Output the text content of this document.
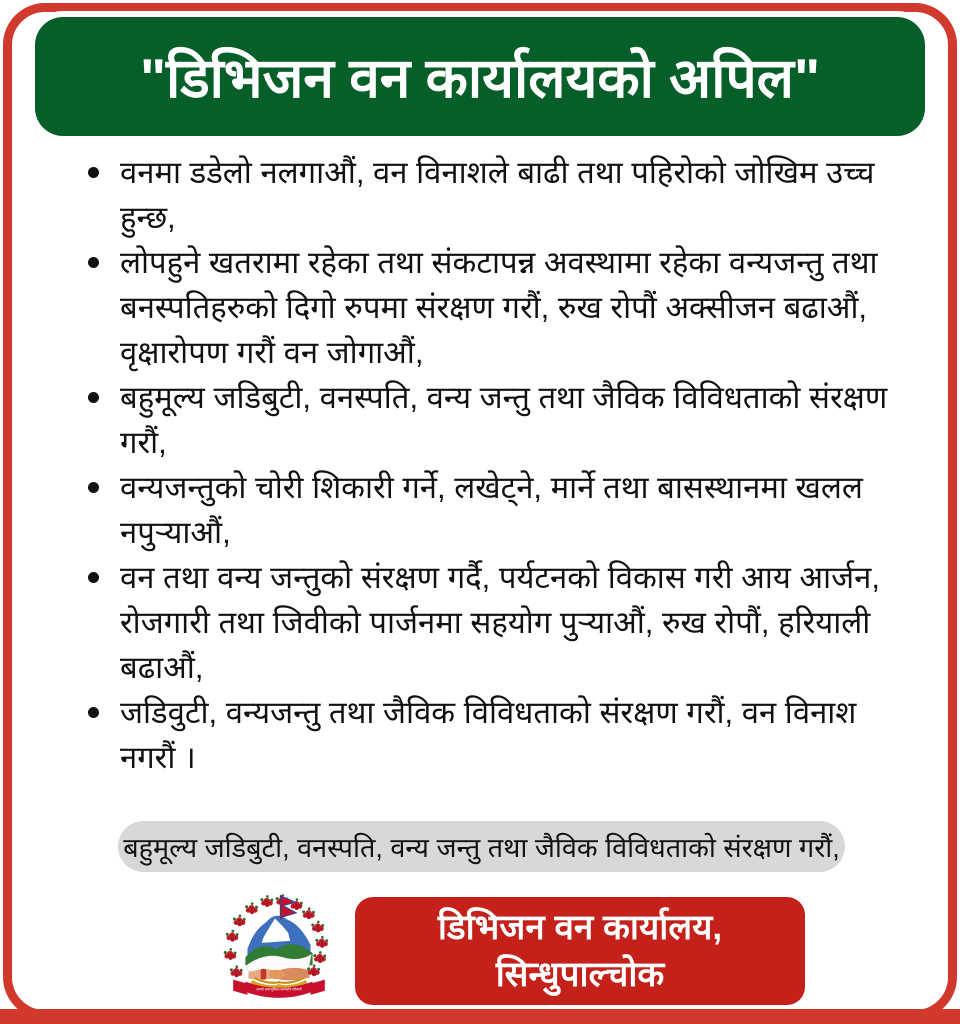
"डिभिजन वन कार्यालयको अपिल"
वनमा डडेलो नलगाऔं, वन विनाशले बाढी तथा पहिरोको जोखिम उच्च हुन्छ,
लोपहुने खतरामा रहेका तथा संकटापन्न अवस्थामा रहेका वन्यजन्तु तथा बनस्पतिहरुको दिगो रुपमा संरक्षण गरौं, रुख रोपौं अक्सीजन बढाऔं, वृक्षारोपण गरौं वन जोगाऔं,
बहुमूल्य जडिबुटी, वनस्पति, वन्य जन्तु तथा जैविक विविधताको संरक्षण गरौं,
वन्यजन्तुको चोरी शिकारी गर्ने, लखेट्ने, मार्ने तथा बासस्थानमा खलल नपुऱ्याऔं,
वन तथा वन्य जन्तुको संरक्षण गर्दै, पर्यटनको विकास गरी आय आर्जन, रोजगारी तथा जिवीको पार्जनमा सहयोग पुऱ्याऔं, रुख रोपौं, हरियाली बढाऔं,
जडिवुटी, वन्यजन्तु तथा जैविक विविधताको संरक्षण गरौं, वन विनाश नगरौं ।
बहुमूल्य जडिबुटी, वनस्पति, वन्य जन्तु तथा जैविक विविधताको संरक्षण गरौं,
जननी जन्मभूमिश्च स्वर्गादपि गरीयसी
डिभिजन वन कार्यालय,
सिन्धुपाल्चोक
